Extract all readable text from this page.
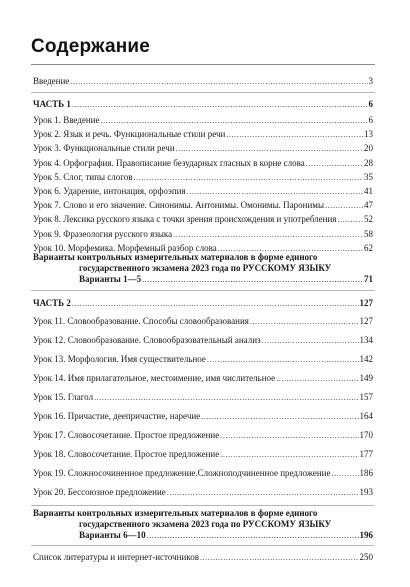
Содержание
Введение .....	3
ЧАСТЬ 1 .....	6
Урок 1. Введение .....	6
Урок 2. Язык и речь. Функциональные стили речи .....	13
Урок 3. Функциональные стили речи .....	20
Урок 4. Орфография. Правописание безударных гласных в корне слова .....	28
Урок 5. Слог, типы слогов .....	35
Урок 6. Ударение, интонация, орфоэпия .....	41
Урок 7. Слово и его значение. Синонимы. Антонимы. Омонимы. Паронимы .....	47
Урок 8. Лексика русского языка с точки зрения происхождения и употребления .....	52
Урок 9. Фразеология русского языка .....	58
Урок 10. Морфемика. Морфемный разбор слова .....	62
Варианты контрольных измерительных материалов в форме единого
государственного экзамена 2023 года по РУССКОМУ ЯЗЫКУ
Варианты 1—5 .....	71
ЧАСТЬ 2 .....	127
Урок 11. Словообразование. Способы словообразования .....	127
Урок 12. Словообразование. Словообразовательный анализ .....	134
Урок 13. Морфология. Имя существительное .....	142
Урок 14. Имя прилагательное, местоимение, имя числительное .....	149
Урок 15. Глагол .....	157
Урок 16. Причастие, деепричастие, наречие .....	164
Урок 17. Словосочетание. Простое предложение .....	170
Урок 18. Словосочетание. Простое предложение .....	177
Урок 19. Сложносочиненное предложение.Сложноподчиненное предложение .....	186
Урок 20. Бессоюзное предложение .....	193
Варианты контрольных измерительных материалов в форме единого
государственного экзамена 2023 года по РУССКОМУ ЯЗЫКУ
Варианты 6—10 .....	196
Список литературы и интернет-источников .....	250
